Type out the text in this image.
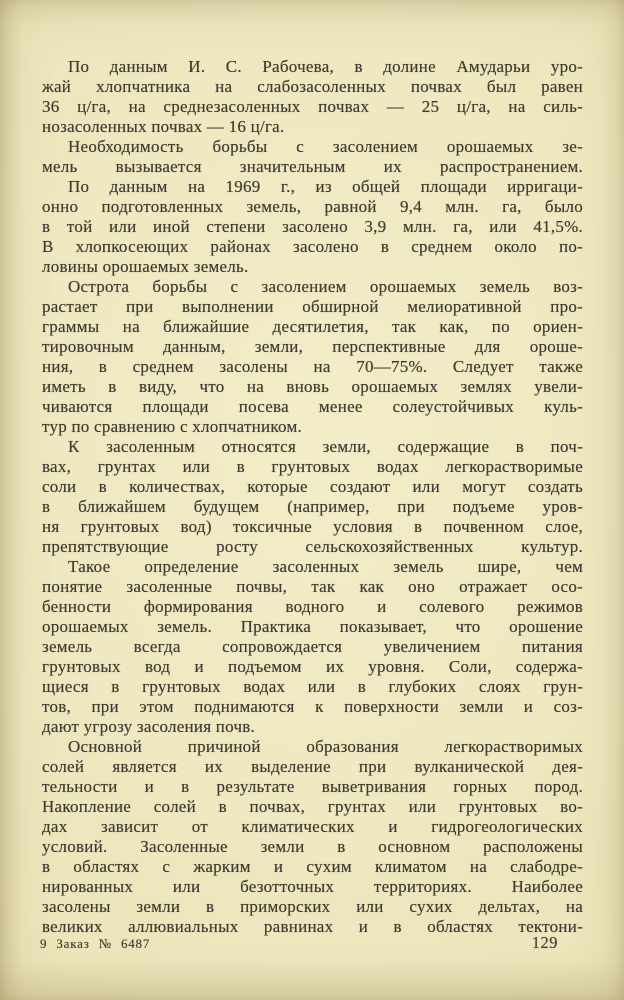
По данным И. С. Рабочева, в долине Амударьи уро-
жай хлопчатника на слабозасоленных почвах был равен
36 ц/га, на среднезасоленных почвах — 25 ц/га, на силь-
нозасоленных почвах — 16 ц/га.
Необходимость борьбы с засолением орошаемых зе-
мель вызывается значительным их распространением.
По данным на 1969 г., из общей площади ирригаци-
онно подготовленных земель, равной 9,4 млн. га, было
в той или иной степени засолено 3,9 млн. га, или 41,5%.
В хлопкосеющих районах засолено в среднем около по-
ловины орошаемых земель.
Острота борьбы с засолением орошаемых земель воз-
растает при выполнении обширной мелиоративной про-
граммы на ближайшие десятилетия, так как, по ориен-
тировочным данным, земли, перспективные для ороше-
ния, в среднем засолены на 70—75%. Следует также
иметь в виду, что на вновь орошаемых землях увели-
чиваются площади посева менее солеустойчивых куль-
тур по сравнению с хлопчатником.
К засоленным относятся земли, содержащие в поч-
вах, грунтах или в грунтовых водах легкорастворимые
соли в количествах, которые создают или могут создать
в ближайшем будущем (например, при подъеме уров-
ня грунтовых вод) токсичные условия в почвенном слое,
препятствующие росту сельскохозяйственных культур.
Такое определение засоленных земель шире, чем
понятие засоленные почвы, так как оно отражает осо-
бенности формирования водного и солевого режимов
орошаемых земель. Практика показывает, что орошение
земель всегда сопровождается увеличением питания
грунтовых вод и подъемом их уровня. Соли, содержа-
щиеся в грунтовых водах или в глубоких слоях грун-
тов, при этом поднимаются к поверхности земли и соз-
дают угрозу засоления почв.
Основной причиной образования легкорастворимых
солей является их выделение при вулканической дея-
тельности и в результате выветривания горных пород.
Накопление солей в почвах, грунтах или грунтовых во-
дах зависит от климатических и гидрогеологических
условий. Засоленные земли в основном расположены
в областях с жарким и сухим климатом на слабодре-
нированных или безотточных территориях. Наиболее
засолены земли в приморских или сухих дельтах, на
великих аллювиальных равнинах и в областях тектони-
9 Заказ № 6487	129
